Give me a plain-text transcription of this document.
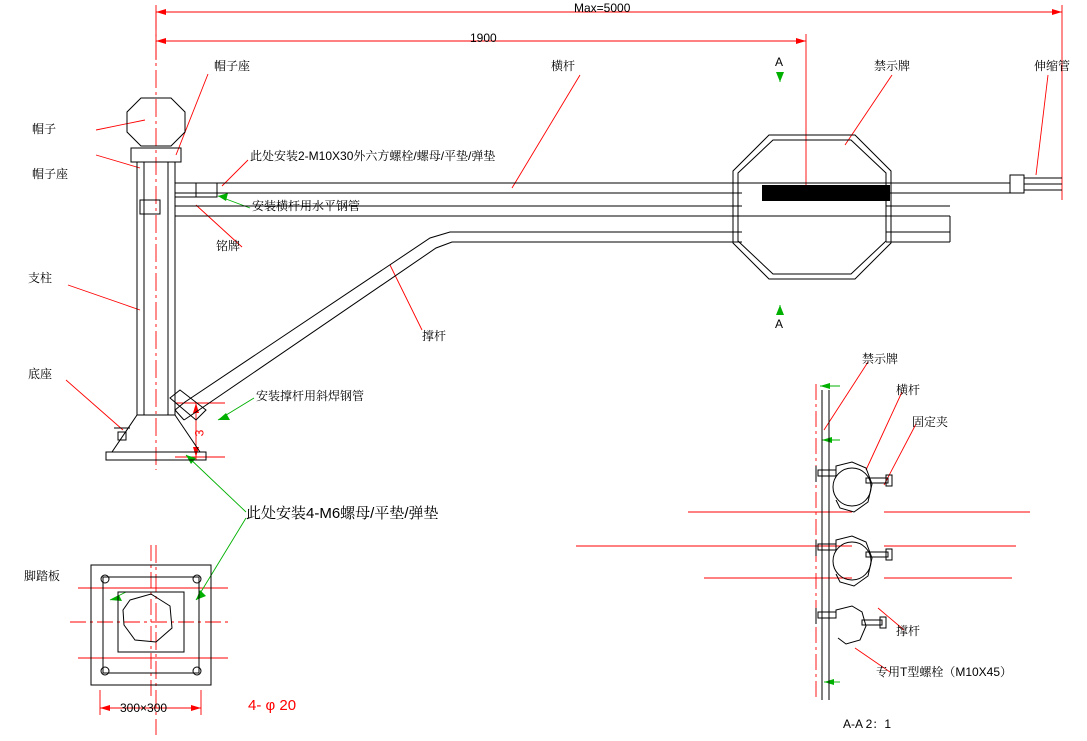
Max=5000
1900
A
A
A-A 2：1
帽子座
帽子
帽子座
横杆	禁示牌	伸缩管
此处安装2-M10X30外六方螺栓/螺母/平垫/弹垫
安装横杆用水平钢管
铭牌
支柱
撑杆
安装撑杆用斜焊钢管
底座
此处安装4-M6螺母/平垫/弹垫
脚踏板
3
300×300	4- φ 20
禁示牌
横杆
固定夹
撑杆
专用T型螺栓（M10X45）
